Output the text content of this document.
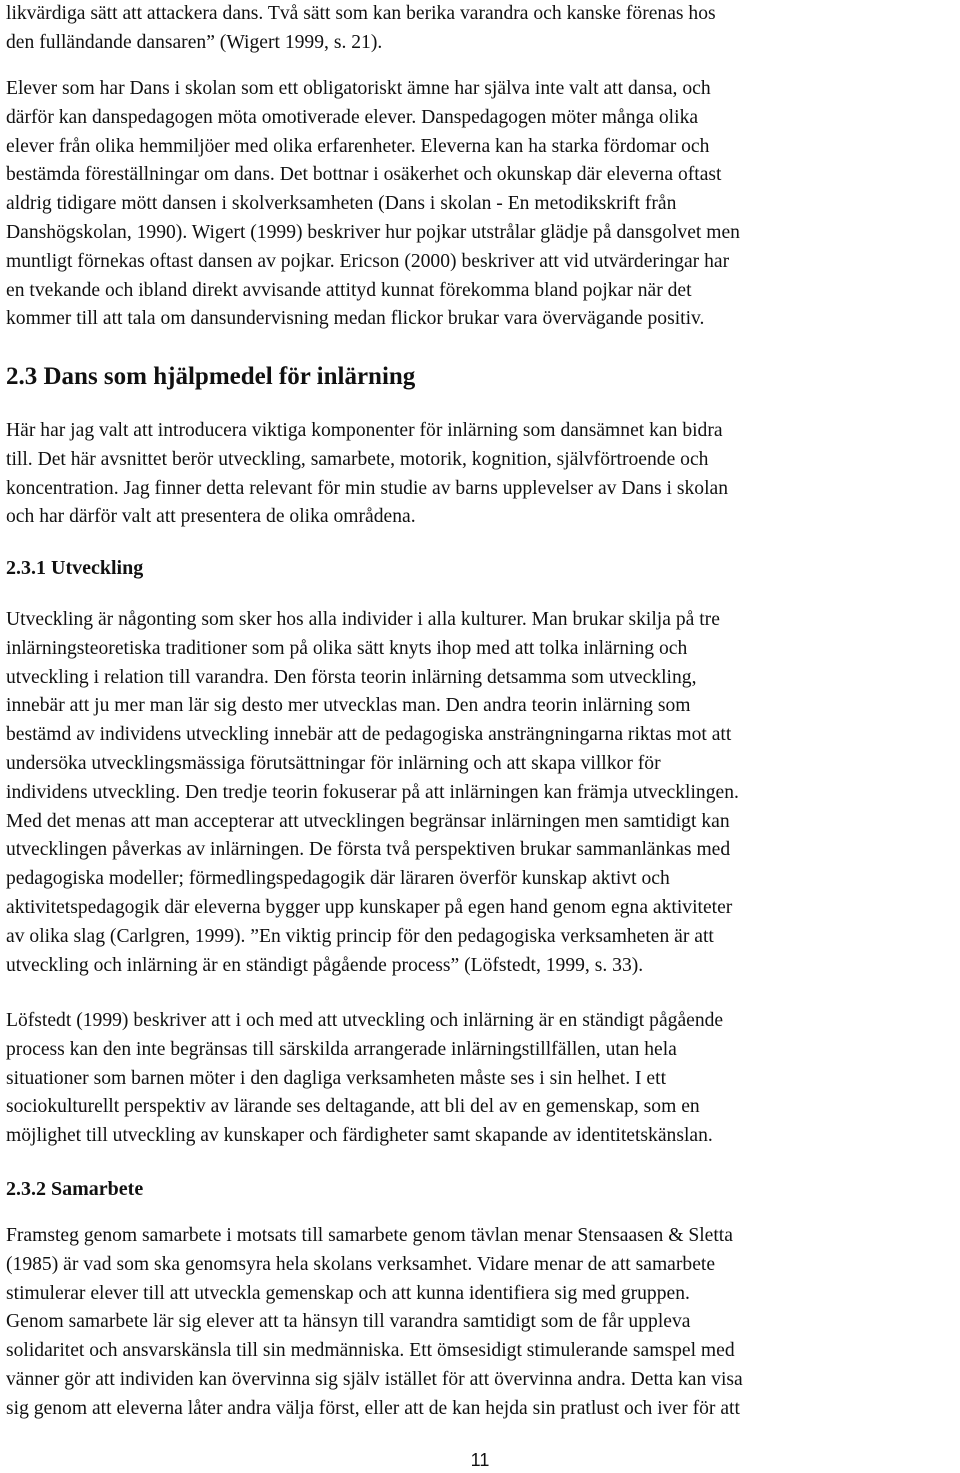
likvärdiga sätt att attackera dans. Två sätt som kan berika varandra och kanske förenas hos
den fulländande dansaren” (Wigert 1999, s. 21).
Elever som har Dans i skolan som ett obligatoriskt ämne har själva inte valt att dansa, och
därför kan danspedagogen möta omotiverade elever. Danspedagogen möter många olika
elever från olika hemmiljöer med olika erfarenheter. Eleverna kan ha starka fördomar och
bestämda föreställningar om dans. Det bottnar i osäkerhet och okunskap där eleverna oftast
aldrig tidigare mött dansen i skolverksamheten (Dans i skolan - En metodikskrift från
Danshögskolan, 1990). Wigert (1999) beskriver hur pojkar utstrålar glädje på dansgolvet men
muntligt förnekas oftast dansen av pojkar. Ericson (2000) beskriver att vid utvärderingar har
en tvekande och ibland direkt avvisande attityd kunnat förekomma bland pojkar när det
kommer till att tala om dansundervisning medan flickor brukar vara övervägande positiv.
2.3 Dans som hjälpmedel för inlärning
Här har jag valt att introducera viktiga komponenter för inlärning som dansämnet kan bidra
till. Det här avsnittet berör utveckling, samarbete, motorik, kognition, självförtroende och
koncentration. Jag finner detta relevant för min studie av barns upplevelser av Dans i skolan
och har därför valt att presentera de olika områdena.
2.3.1 Utveckling
Utveckling är någonting som sker hos alla individer i alla kulturer. Man brukar skilja på tre
inlärningsteoretiska traditioner som på olika sätt knyts ihop med att tolka inlärning och
utveckling i relation till varandra. Den första teorin inlärning detsamma som utveckling,
innebär att ju mer man lär sig desto mer utvecklas man. Den andra teorin inlärning som
bestämd av individens utveckling innebär att de pedagogiska ansträngningarna riktas mot att
undersöka utvecklingsmässiga förutsättningar för inlärning och att skapa villkor för
individens utveckling. Den tredje teorin fokuserar på att inlärningen kan främja utvecklingen.
Med det menas att man accepterar att utvecklingen begränsar inlärningen men samtidigt kan
utvecklingen påverkas av inlärningen. De första två perspektiven brukar sammanlänkas med
pedagogiska modeller; förmedlingspedagogik där läraren överför kunskap aktivt och
aktivitetspedagogik där eleverna bygger upp kunskaper på egen hand genom egna aktiviteter
av olika slag (Carlgren, 1999). ”En viktig princip för den pedagogiska verksamheten är att
utveckling och inlärning är en ständigt pågående process” (Löfstedt, 1999, s. 33).
Löfstedt (1999) beskriver att i och med att utveckling och inlärning är en ständigt pågående
process kan den inte begränsas till särskilda arrangerade inlärningstillfällen, utan hela
situationer som barnen möter i den dagliga verksamheten måste ses i sin helhet. I ett
sociokulturellt perspektiv av lärande ses deltagande, att bli del av en gemenskap, som en
möjlighet till utveckling av kunskaper och färdigheter samt skapande av identitetskänslan.
2.3.2 Samarbete
Framsteg genom samarbete i motsats till samarbete genom tävlan menar Stensaasen & Sletta
(1985) är vad som ska genomsyra hela skolans verksamhet. Vidare menar de att samarbete
stimulerar elever till att utveckla gemenskap och att kunna identifiera sig med gruppen.
Genom samarbete lär sig elever att ta hänsyn till varandra samtidigt som de får uppleva
solidaritet och ansvarskänsla till sin medmänniska. Ett ömsesidigt stimulerande samspel med
vänner gör att individen kan övervinna sig själv istället för att övervinna andra. Detta kan visa
sig genom att eleverna låter andra välja först, eller att de kan hejda sin pratlust och iver för att
11
